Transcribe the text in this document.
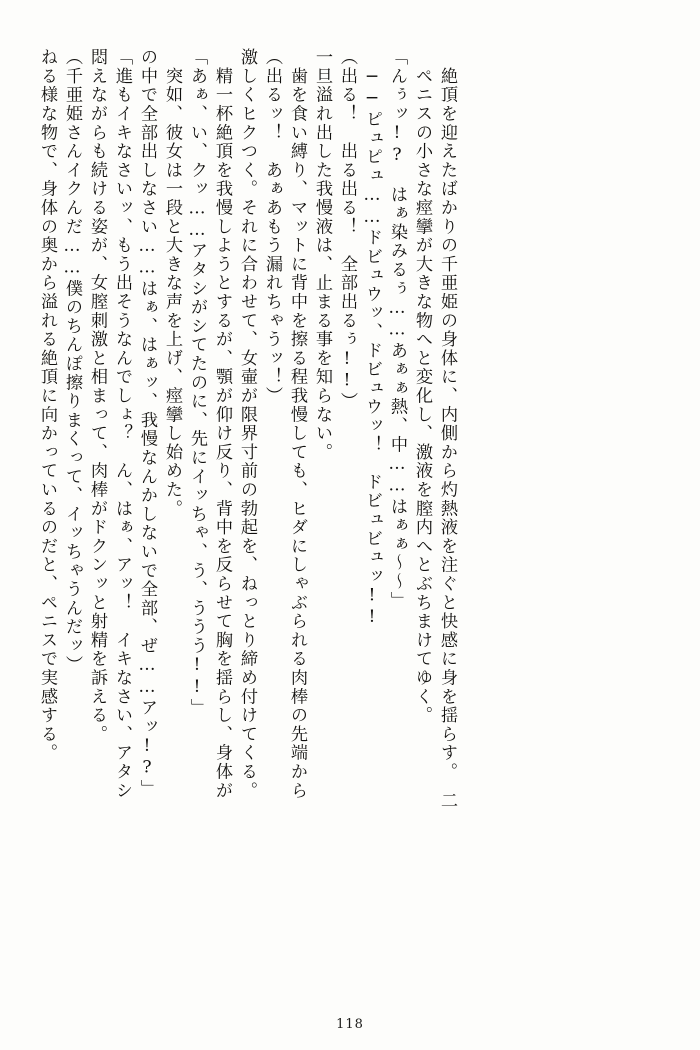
ねる様な物で、身体の奥から溢れる絶頂に向かっているのだと、ペニスで実感する。 （千亜姫さんイクんだ……僕のちんぽ擦りまくって、イッちゃうんだッ） 悶えながらも続ける姿が、女膣刺激と相まって、肉棒がドクンッと射精を訴える。 「進もイキなさいッ、もう出そうなんでしょ？　ん、はぁ、アッ！　イキなさい、アタシ の中で全部出しなさい……はぁ、はぁッ、我慢なんかしないで全部、ぜ……アッ!?」 　突如、彼女は一段と大きな声を上げ、痙攣し始めた。 「あぁ、い、クッ……アタシがシてたのに、先にイッちゃ、う、ううう!!」 　精一杯絶頂を我慢しようとするが、顎が仰け反り、背中を反らせて胸を揺らし、身体が 激しくヒクつく。それに合わせて、女壷が限界寸前の勃起を、ねっとり締め付けてくる。 （出るッ！　あぁあもう漏れちゃうッ！） 　歯を食い縛り、マットに背中を擦る程我慢しても、ヒダにしゃぶられる肉棒の先端から 一旦溢れ出した我慢液は、止まる事を知らない。 （出る！　出る出る！　全部出るぅ!!） 　──ピュピュ……ドビュウッ、ドビュウッ！　ドビュビュッ!! 「んぅッ!?　はぁ染みるぅ……あぁぁ熱、中……はぁぁ〜〜」 　ペニスの小さな痙攣が大きな物へと変化し、激液を膣内へとぶちまけてゆく。 　絶頂を迎えたばかりの千亜姫の身体に、内側から灼熱液を注ぐと快感に身を揺らす。　二
118
